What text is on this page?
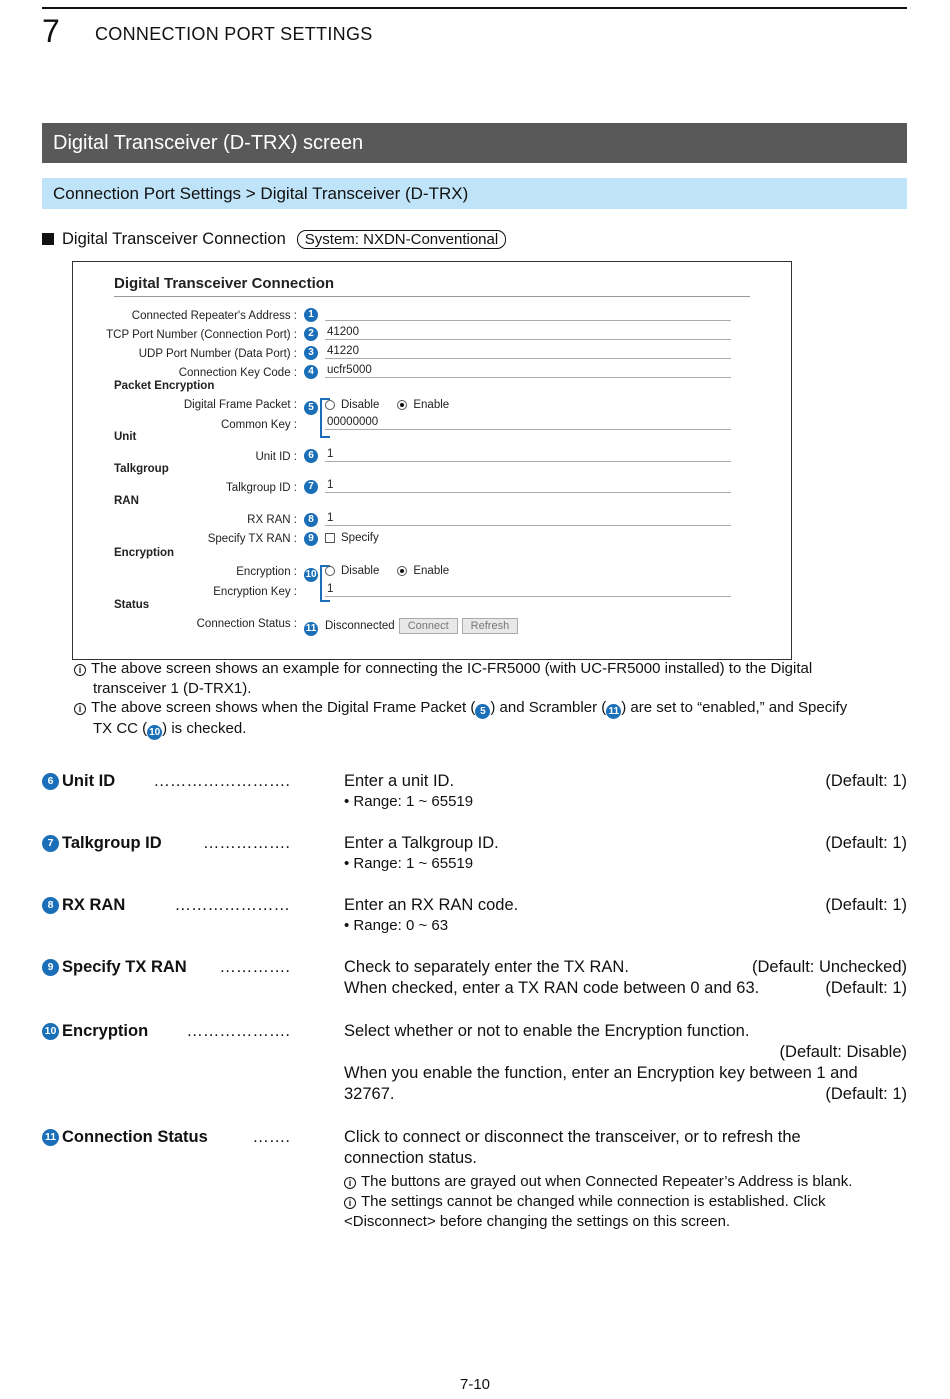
7 CONNECTION PORT SETTINGS
Digital Transceiver (D-TRX) screen
Connection Port Settings > Digital Transceiver (D-TRX)
Digital Transceiver Connection	System: NXDN-Conventional
Digital Transceiver Connection
Connected Repeater's Address :	1
TCP Port Number (Connection Port) :	2	41200
UDP Port Number (Data Port) :	3	41220
Connection Key Code :	4	ucfr5000
Packet Encryption
Digital Frame Packet :	5	Disable	Enable
Common Key :	00000000
Unit
Unit ID :	6	1
Talkgroup
Talkgroup ID :	7	1
RAN
RX RAN :	8	1
Specify TX RAN :	9	Specify
Encryption
Encryption : 10 Disable	Enable
Encryption Key :	1
Status
Connection Status : 11 Disconnected	Connect	Refresh
i The above screen shows an example for connecting the IC-FR5000 (with UC-FR5000 installed) to the Digital
transceiver 1 (D-TRX1).
i The above screen shows when the Digital Frame Packet ( 5 ) and Scrambler ( 11 ) are set to “enabled,” and Specify
TX CC ( 10 ) is checked.
6 Unit ID …………………….	Enter a unit ID.	(Default: 1)
• Range: 1 ~ 65519
7 Talkgroup ID	…………….	Enter a Talkgroup ID.	(Default: 1)
• Range: 1 ~ 65519
8 RX RAN	…………………	Enter an RX RAN code.	(Default: 1)
• Range: 0 ~ 63
9 Specify TX RAN ………….	Check to separately enter the TX RAN.	(Default: Unchecked)
When checked, enter a TX RAN code between 0 and 63.	(Default: 1)
10 Encryption ……………….	Select whether or not to enable the Encryption function.
(Default: Disable)
When you enable the function, enter an Encryption key between 1 and
32767.	(Default: 1)
11 Connection Status	…….	Click to connect or disconnect the transceiver, or to refresh the
connection status.
i The buttons are grayed out when Connected Repeater’s Address is blank.
i The settings cannot be changed while connection is established. Click
<Disconnect> before changing the settings on this screen.
7-10
